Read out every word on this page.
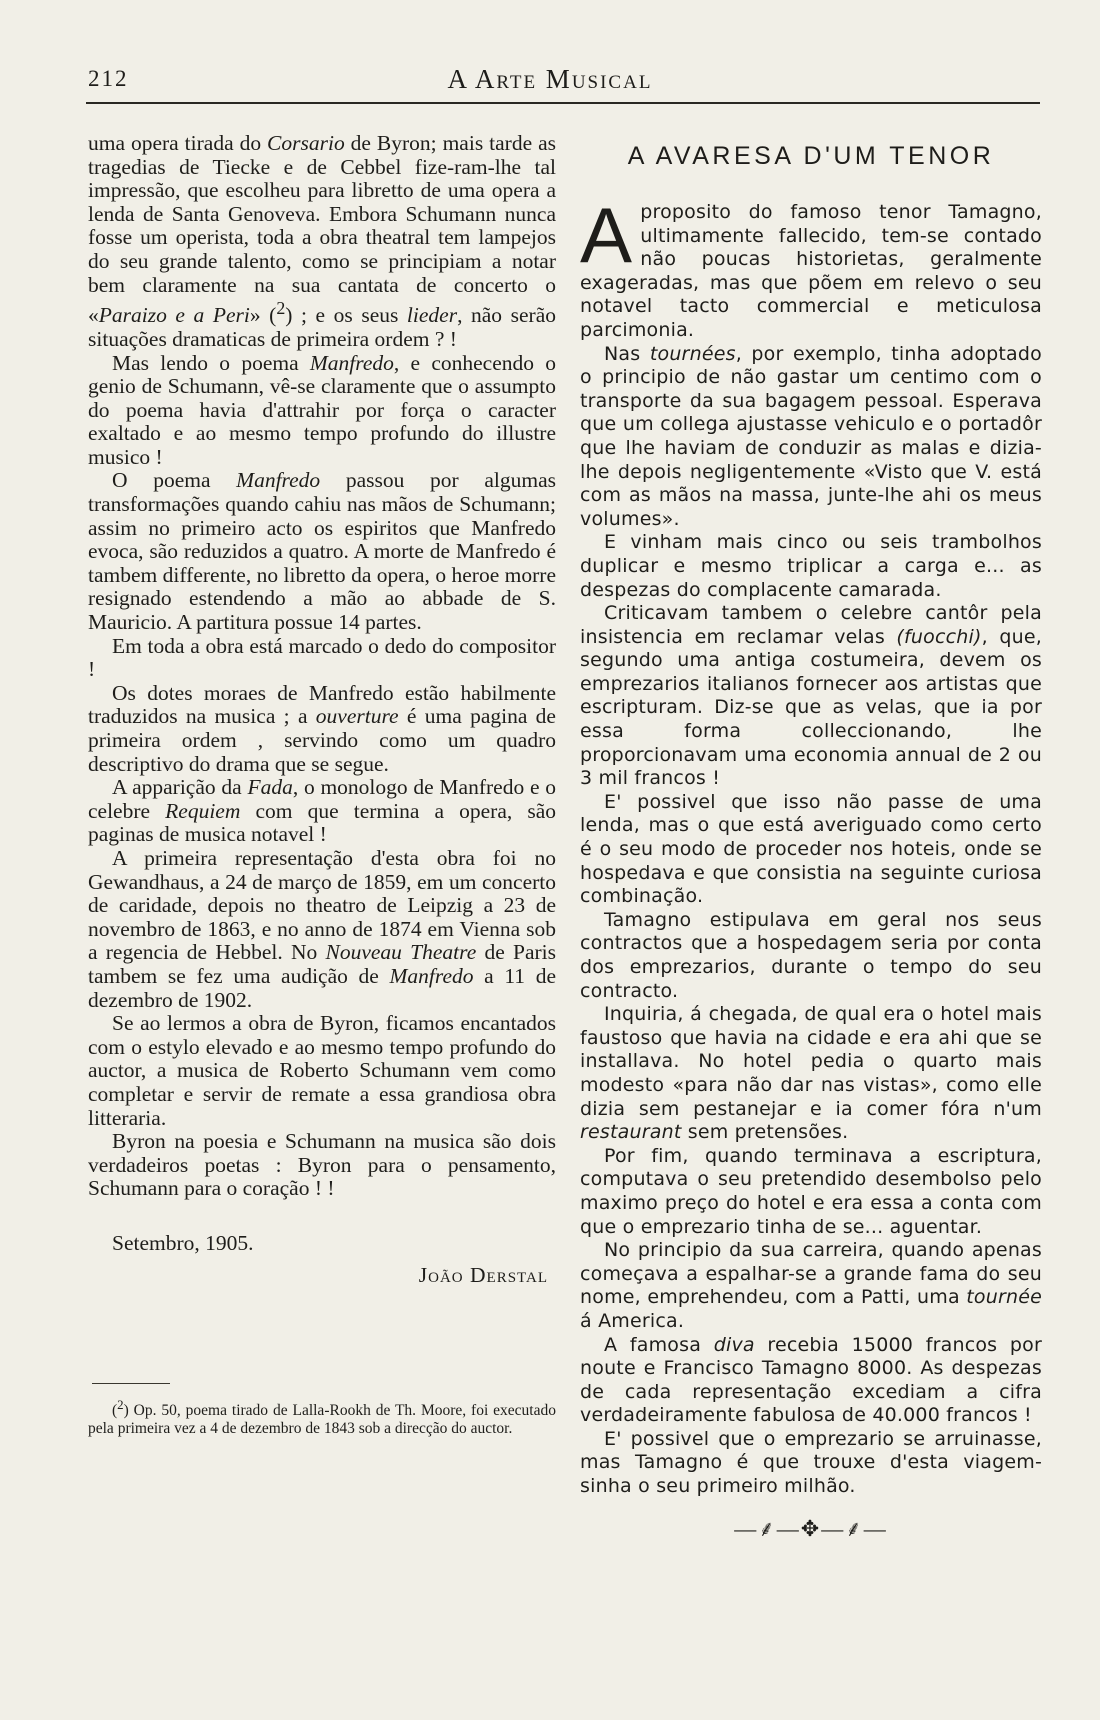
212	A Arte Musical

uma opera tirada do Corsario de Byron; mais tarde as tragedias de Tiecke e de Cebbel fize-ram-lhe tal impressão, que escolheu para libretto de uma opera a lenda de Santa Genoveva. Embora Schumann nunca fosse um operista, toda a obra theatral tem lampejos do seu grande talento, como se principiam a notar bem claramente na sua cantata de concerto o «Paraizo e a Peri» ($^2$) ; e os seus lieder, não serão situações dramaticas de primeira ordem ? !

Mas lendo o poema Manfredo, e conhecendo o genio de Schumann, vê-se claramente que o assumpto do poema havia d'attrahir por força o caracter exaltado e ao mesmo tempo profundo do illustre musico !

O poema Manfredo passou por algumas transformações quando cahiu nas mãos de Schumann; assim no primeiro acto os espiritos que Manfredo evoca, são reduzidos a quatro. A morte de Manfredo é tambem differente, no libretto da opera, o heroe morre resignado estendendo a mão ao abbade de S. Mauricio. A partitura possue 14 partes.

Em toda a obra está marcado o dedo do compositor !

Os dotes moraes de Manfredo estão habilmente traduzidos na musica ; a ouverture é uma pagina de primeira ordem , servindo como um quadro descriptivo do drama que se segue.

A apparição da Fada, o monologo de Manfredo e o celebre Requiem com que termina a opera, são paginas de musica notavel !

A primeira representação d'esta obra foi no Gewandhaus, a 24 de março de 1859, em um concerto de caridade, depois no theatro de Leipzig a 23 de novembro de 1863, e no anno de 1874 em Vienna sob a regencia de Hebbel. No Nouveau Theatre de Paris tambem se fez uma audição de Manfredo a 11 de dezembro de 1902.

Se ao lermos a obra de Byron, ficamos encantados com o estylo elevado e ao mesmo tempo profundo do auctor, a musica de Roberto Schumann vem como completar e servir de remate a essa grandiosa obra litteraria.

Byron na poesia e Schumann na musica são dois verdadeiros poetas : Byron para o pensamento, Schumann para o coração ! !

Setembro, 1905.
João Derstal

($^2$) Op. 50, poema tirado de Lalla-Rookh de Th. Moore, foi executado pela primeira vez a 4 de dezembro de 1843 sob a direcção do auctor.

A AVARESA D'UM TENOR

Aproposito do famoso tenor Tamagno, ultimamente fallecido, tem-se contado não poucas historietas, geralmente exageradas, mas que põem em relevo o seu notavel tacto commercial e meticulosa parcimonia.

Nas tournées, por exemplo, tinha adoptado o principio de não gastar um centimo com o transporte da sua bagagem pessoal. Esperava que um collega ajustasse vehiculo e o portadôr que lhe haviam de conduzir as malas e dizia-lhe depois negligentemente «Visto que V. está com as mãos na massa, junte-lhe ahi os meus volumes».

E vinham mais cinco ou seis trambolhos duplicar e mesmo triplicar a carga e... as despezas do complacente camarada.

Criticavam tambem o celebre cantôr pela insistencia em reclamar velas (fuocchi), que, segundo uma antiga costumeira, devem os emprezarios italianos fornecer aos artistas que escripturam. Diz-se que as velas, que ia por essa forma colleccionando, lhe proporcionavam uma economia annual de 2 ou 3 mil francos !

E' possivel que isso não passe de uma lenda, mas o que está averiguado como certo é o seu modo de proceder nos hoteis, onde se hospedava e que consistia na seguinte curiosa combinação.

Tamagno estipulava em geral nos seus contractos que a hospedagem seria por conta dos emprezarios, durante o tempo do seu contracto.

Inquiria, á chegada, de qual era o hotel mais faustoso que havia na cidade e era ahi que se installava. No hotel pedia o quarto mais modesto «para não dar nas vistas», como elle dizia sem pestanejar e ia comer fóra n'um restaurant sem pretensões.

Por fim, quando terminava a escriptura, computava o seu pretendido desembolso pelo maximo preço do hotel e era essa a conta com que o emprezario tinha de se... aguentar.

No principio da sua carreira, quando apenas começava a espalhar-se a grande fama do seu nome, emprehendeu, com a Patti, uma tournée á America.

A famosa diva recebia 15000 francos por noute e Francisco Tamagno 8000. As despezas de cada representação excediam a cifra verdadeiramente fabulosa de 40.000 francos !

E' possivel que o emprezario se arruinasse, mas Tamagno é que trouxe d'esta viagem-sinha o seu primeiro milhão.

—⸙—✥—⸙—
